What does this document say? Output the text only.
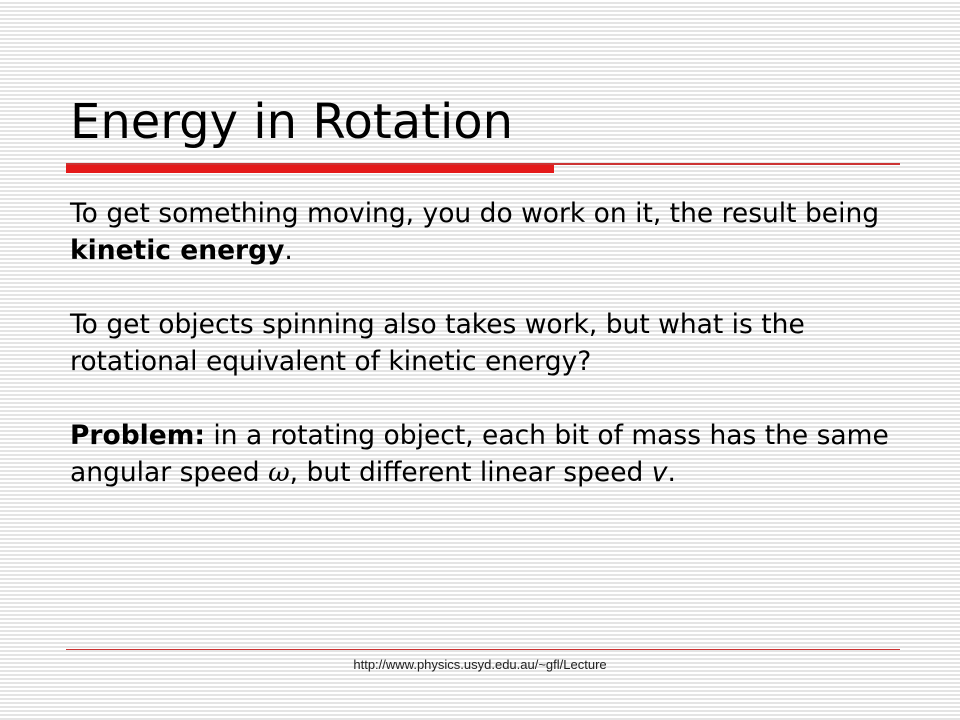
Energy in Rotation

To get something moving, you do work on it, the result being kinetic energy.

To get objects spinning also takes work, but what is the rotational equivalent of kinetic energy?

Problem: in a rotating object, each bit of mass has the same angular speed ω, but different linear speed v.

http://www.physics.usyd.edu.au/~gfl/Lecture
